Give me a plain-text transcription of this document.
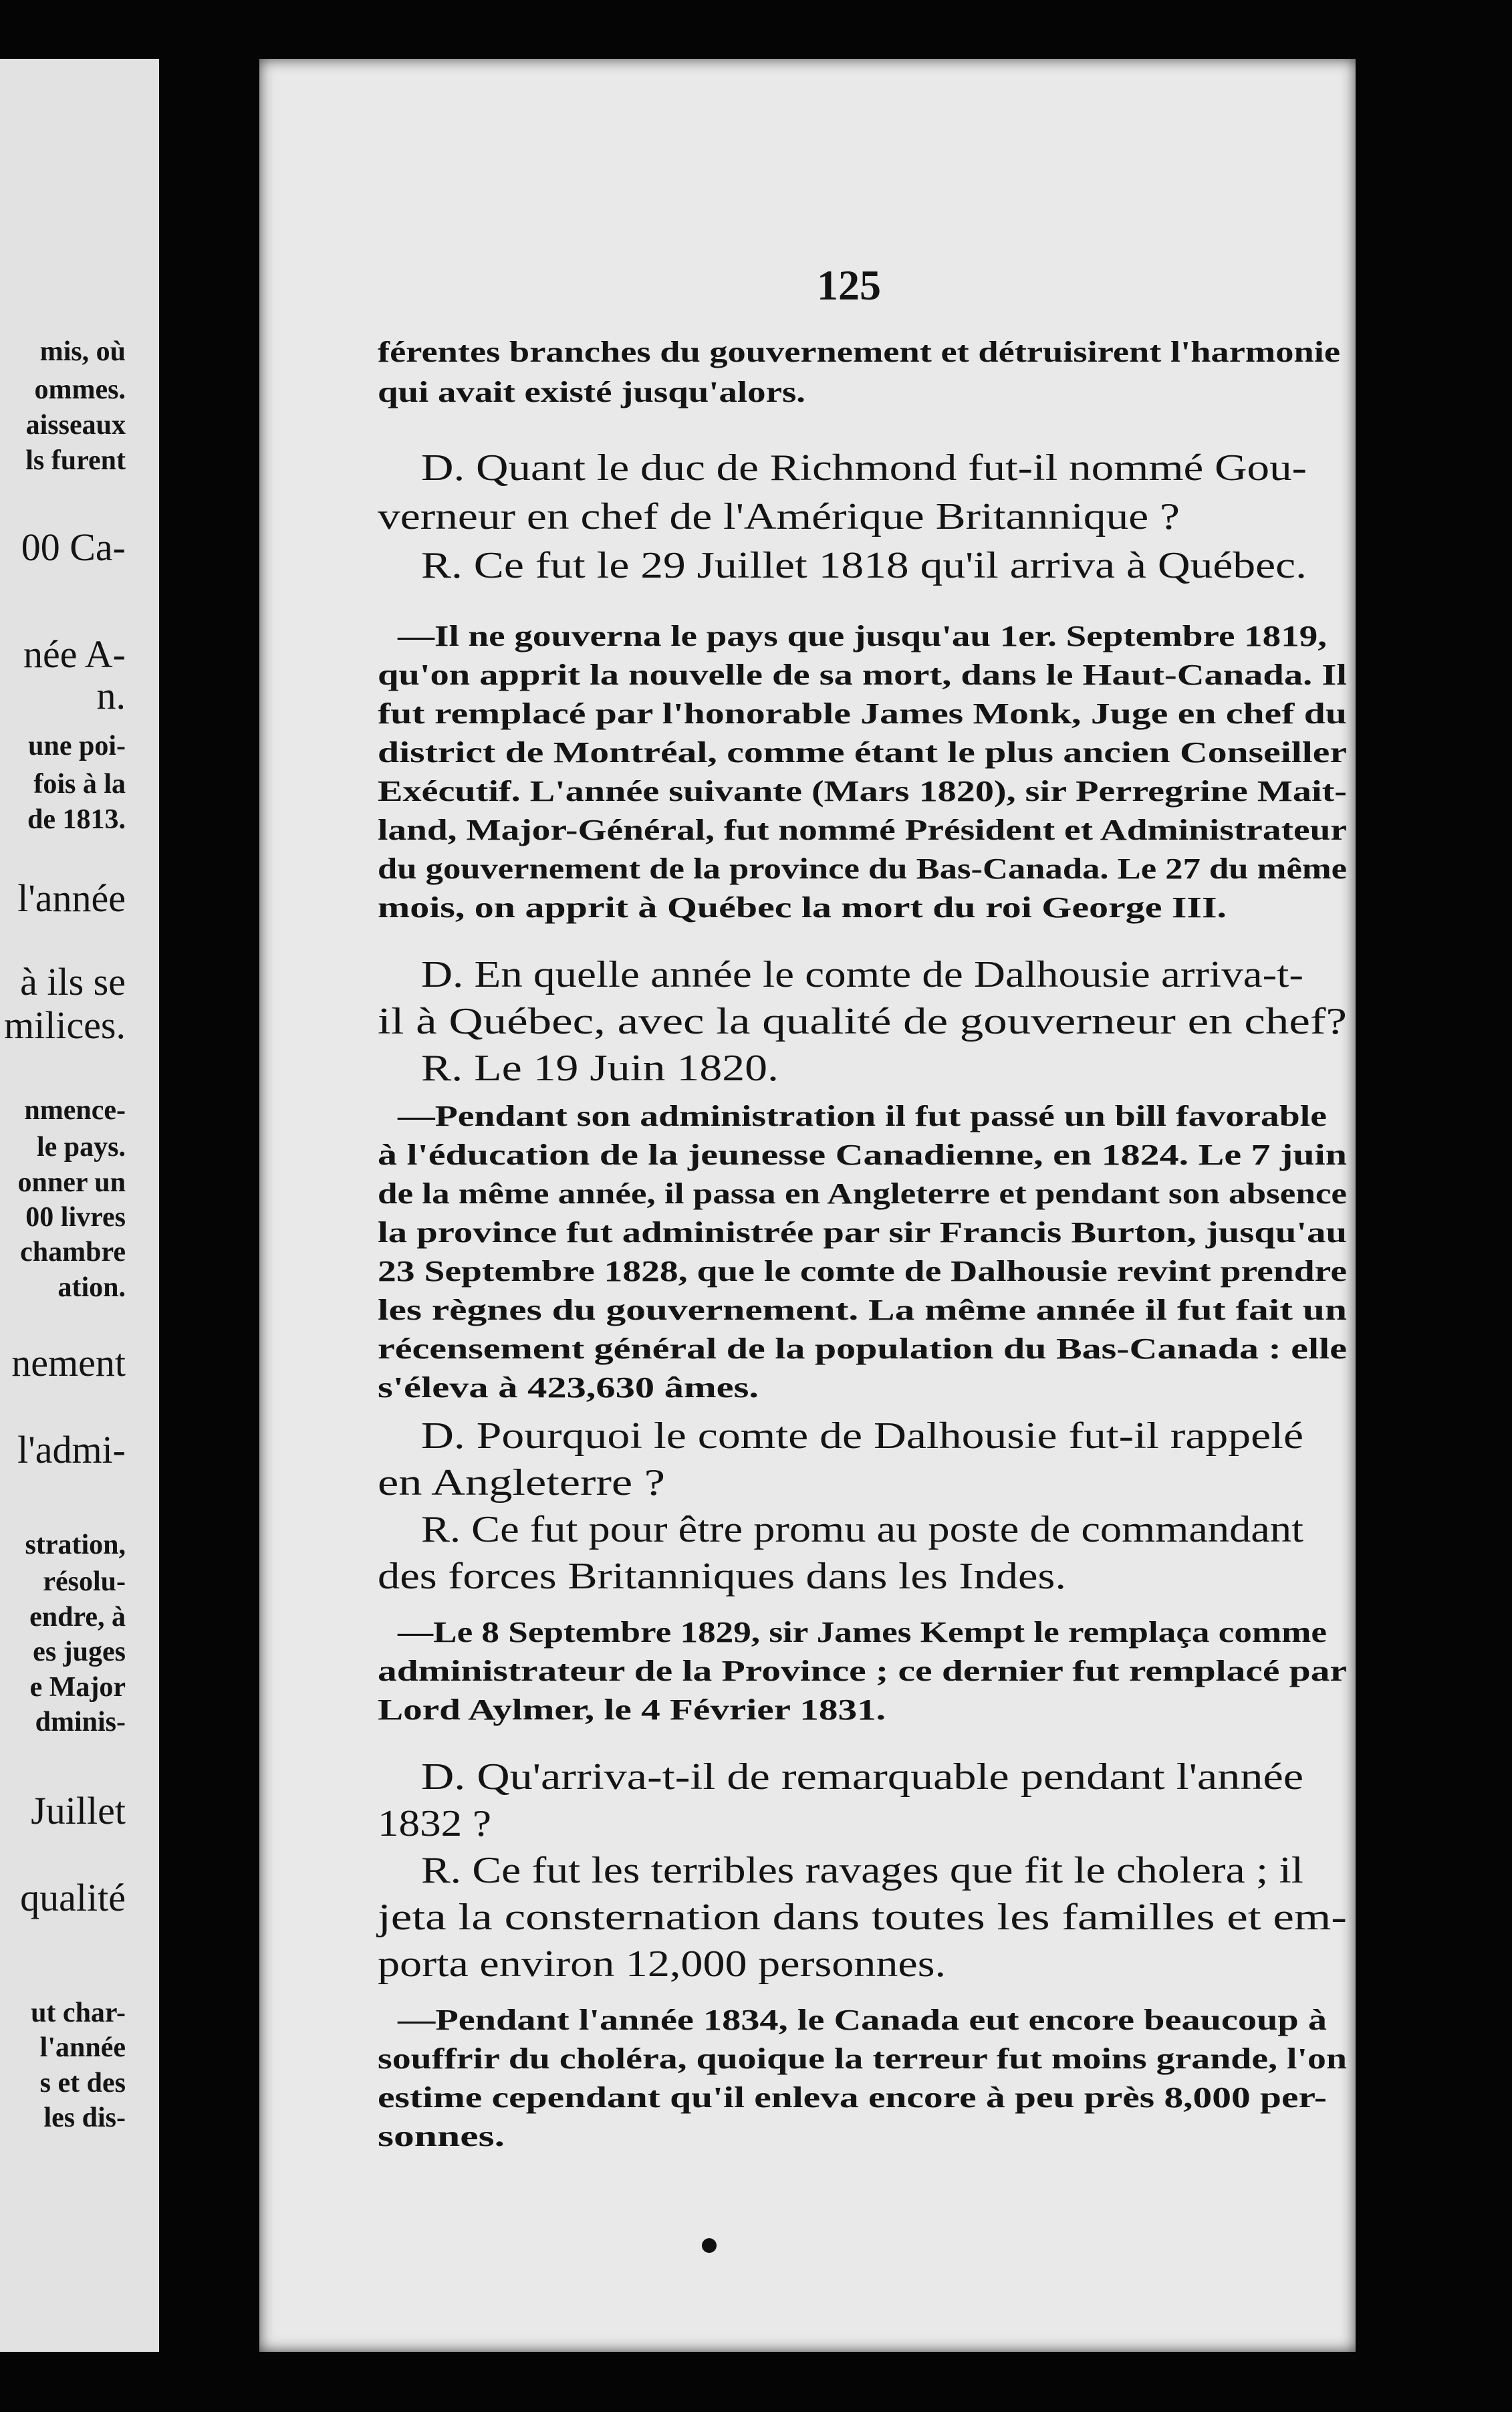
mis, où
ommes.
aisseaux
ls furent
00 Ca-
née A-
n.
une poi-
fois à la
de 1813.
l'année
à ils se
milices.
nmence-
le pays.
onner un
00 livres
chambre
ation.
nement
l'admi-
stration,
résolu-
endre, à
es juges
e Major
dminis-
Juillet
qualité
ut char-
l'année
s et des
les dis-
125
férentes branches du gouvernement et détruisirent l'harmonie
qui avait existé jusqu'alors.
D. Quant le duc de Richmond fut-il nommé Gou-
verneur en chef de l'Amérique Britannique ?
R. Ce fut le 29 Juillet 1818 qu'il arriva à Québec.
—Il ne gouverna le pays que jusqu'au 1er. Septembre 1819,
qu'on apprit la nouvelle de sa mort, dans le Haut-Canada. Il
fut remplacé par l'honorable James Monk, Juge en chef du
district de Montréal, comme étant le plus ancien Conseiller
Exécutif. L'année suivante (Mars 1820), sir Perregrine Mait-
land, Major-Général, fut nommé Président et Administrateur
du gouvernement de la province du Bas-Canada. Le 27 du même
mois, on apprit à Québec la mort du roi George III.
D. En quelle année le comte de Dalhousie arriva-t-
il à Québec, avec la qualité de gouverneur en chef?
R. Le 19 Juin 1820.
—Pendant son administration il fut passé un bill favorable
à l'éducation de la jeunesse Canadienne, en 1824. Le 7 juin
de la même année, il passa en Angleterre et pendant son absence
la province fut administrée par sir Francis Burton, jusqu'au
23 Septembre 1828, que le comte de Dalhousie revint prendre
les règnes du gouvernement. La même année il fut fait un
récensement général de la population du Bas-Canada : elle
s'éleva à 423,630 âmes.
D. Pourquoi le comte de Dalhousie fut-il rappelé
en Angleterre ?
R. Ce fut pour être promu au poste de commandant
des forces Britanniques dans les Indes.
—Le 8 Septembre 1829, sir James Kempt le remplaça comme
administrateur de la Province ; ce dernier fut remplacé par
Lord Aylmer, le 4 Février 1831.
D. Qu'arriva-t-il de remarquable pendant l'année
1832 ?
R. Ce fut les terribles ravages que fit le cholera ; il
jeta la consternation dans toutes les familles et em-
porta environ 12,000 personnes.
—Pendant l'année 1834, le Canada eut encore beaucoup à
souffrir du choléra, quoique la terreur fut moins grande, l'on
estime cependant qu'il enleva encore à peu près 8,000 per-
sonnes.
